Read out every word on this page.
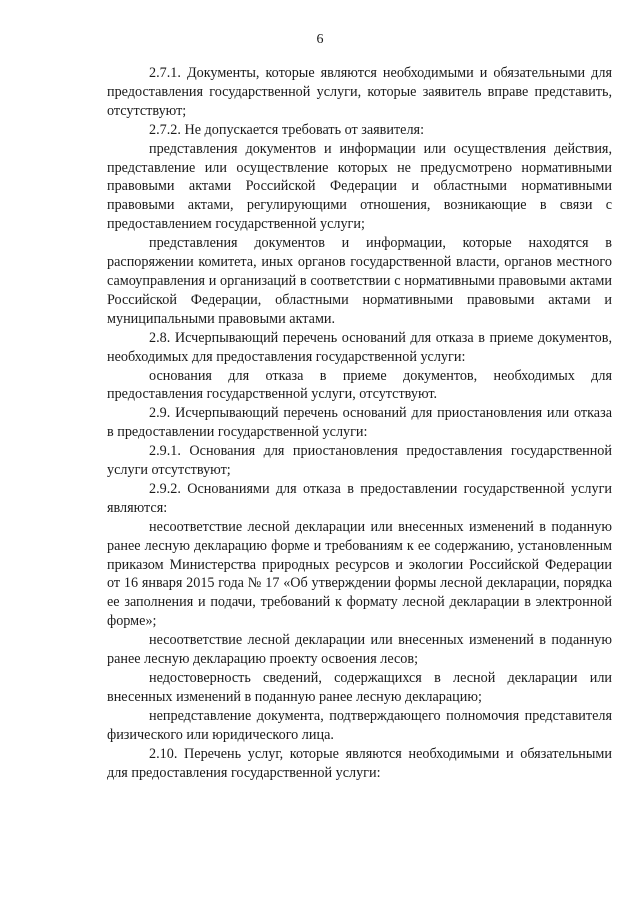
6

2.7.1. Документы, которые являются необходимыми и обязательными для предоставления государственной услуги, которые заявитель вправе представить, отсутствуют;

2.7.2. Не допускается требовать от заявителя:

представления документов и информации или осуществления действия, представление или осуществление которых не предусмотрено нормативными правовыми актами Российской Федерации и областными нормативными правовыми актами, регулирующими отношения, возникающие в связи с предоставлением государственной услуги;

представления документов и информации, которые находятся в распоряжении комитета, иных органов государственной власти, органов местного самоуправления и организаций в соответствии с нормативными правовыми актами Российской Федерации, областными нормативными правовыми актами и муниципальными правовыми актами.

2.8. Исчерпывающий перечень оснований для отказа в приеме документов, необходимых для предоставления государственной услуги:

основания для отказа в приеме документов, необходимых для предоставления государственной услуги, отсутствуют.

2.9. Исчерпывающий перечень оснований для приостановления или отказа в предоставлении государственной услуги:

2.9.1. Основания для приостановления предоставления государственной услуги отсутствуют;

2.9.2. Основаниями для отказа в предоставлении государственной услуги являются:

несоответствие лесной декларации или внесенных изменений в поданную ранее лесную декларацию форме и требованиям к ее содержанию, установленным приказом Министерства природных ресурсов и экологии Российской Федерации от 16 января 2015 года № 17 «Об утверждении формы лесной декларации, порядка ее заполнения и подачи, требований к формату лесной декларации в электронной форме»;

несоответствие лесной декларации или внесенных изменений в поданную ранее лесную декларацию проекту освоения лесов;

недостоверность сведений, содержащихся в лесной декларации или внесенных изменений в поданную ранее лесную декларацию;

непредставление документа, подтверждающего полномочия представителя физического или юридического лица.

2.10. Перечень услуг, которые являются необходимыми и обязательными для предоставления государственной услуги:
